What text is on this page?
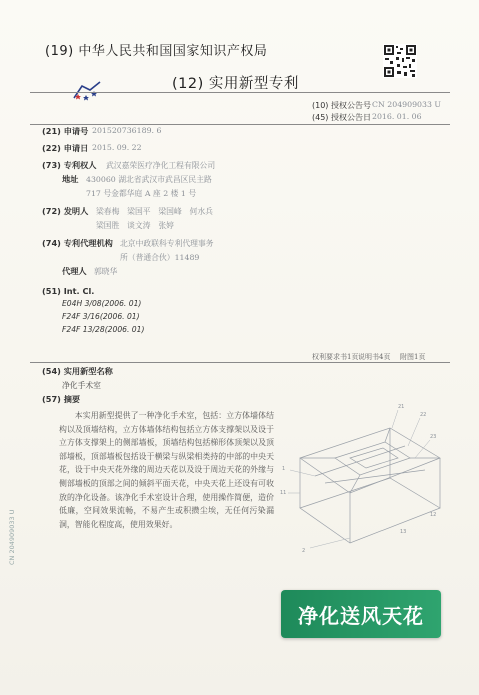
(19) 中华人民共和国国家知识产权局
(12) 实用新型专利
(10) 授权公告号 CN 204909033 U
(45) 授权公告日 2016. 01. 06
(21) 申请号 201520736189. 6
(22) 申请日 2015. 09. 22
(73) 专利权人 武汉嘉荣医疗净化工程有限公司
地址 430060 湖北省武汉市武昌区民主路
717 号金都华庭 A 座 2 楼 1 号
(72) 发明人 梁春梅　梁国平　梁国峰　何水兵
梁国胜　谈文涛　张婷
(74) 专利代理机构 北京中政联科专利代理事务
所（普通合伙）11489
代理人 郭晓华
(51) Int. Cl.
E04H 3/08(2006. 01)
F24F 3/16(2006. 01)
F24F 13/28(2006. 01)
权利要求书1页 说明书4页 附图1页
(54) 实用新型名称
净化手术室
(57) 摘要
本实用新型提供了一种净化手术室，包括：立方体墙体结构以及顶墙结构，立方体墙体结构包括立方体支撑架以及设于立方体支撑架上的侧部墙板，顶墙结构包括梯形体顶架以及顶部墙板，顶部墙板包括设于横梁与纵梁相类持的中部的中央天花，设于中央天花外缘的周边天花以及设于周边天花的外缘与侧部墙板的顶部之间的倾斜平面天花，中央天花上还设有可收放的净化设备。该净化手术室设计合理，使用操作简便，造价低廉，空间效果流畅，不易产生或积攒尘埃，无任何污染漏洞，智能化程度高，使用效果好。
21
22
23
1
11
12
13
2
CN 204909033 U
净化送风天花
